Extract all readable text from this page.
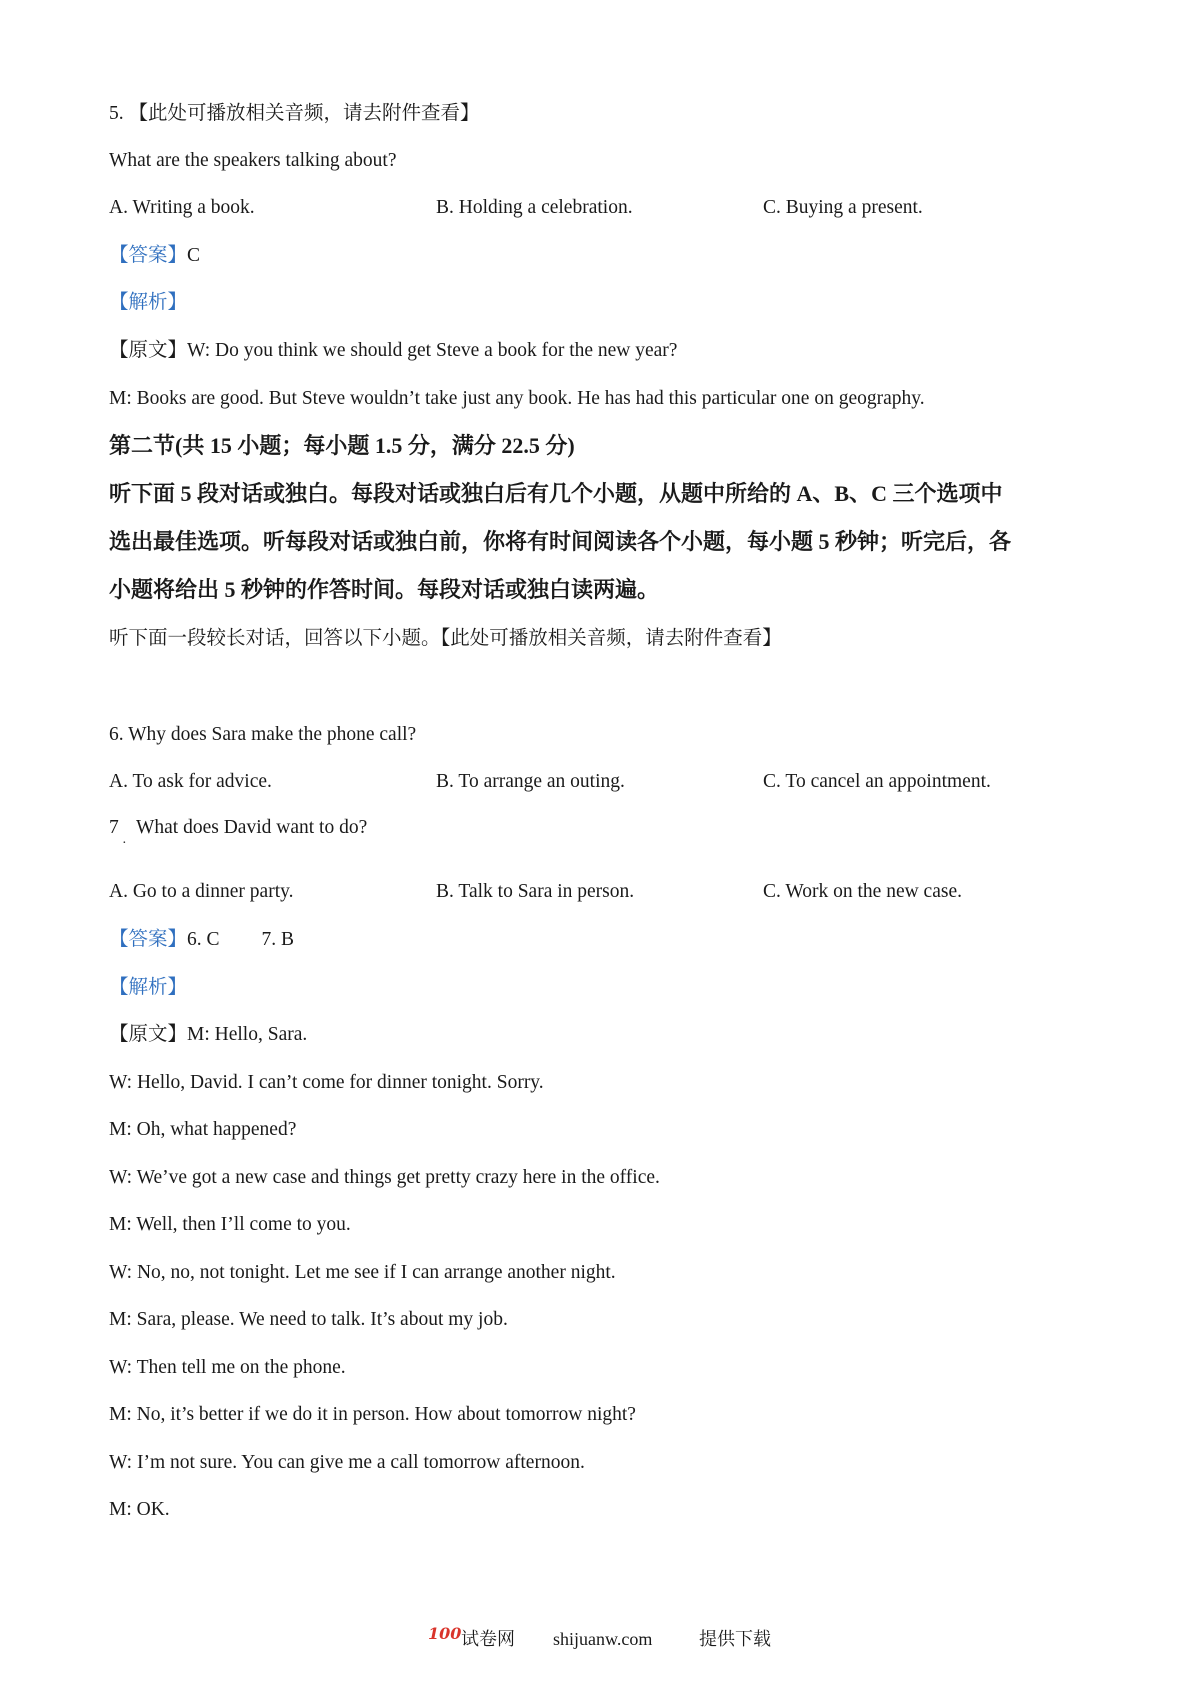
5. 【此处可播放相关音频，请去附件查看】
What are the speakers talking about?
A. Writing a book.	B. Holding a celebration.	C. Buying a present.
【答案】C
【解析】
【原文】W: Do you think we should get Steve a book for the new year?
M: Books are good. But Steve wouldn’t take just any book. He has had this particular one on geography.
第二节(共 15 小题；每小题 1.5 分，满分 22.5 分)
听下面 5 段对话或独白。每段对话或独白后有几个小题，从题中所给的 A、B、C 三个选项中
选出最佳选项。听每段对话或独白前，你将有时间阅读各个小题，每小题 5 秒钟；听完后，各
小题将给出 5 秒钟的作答时间。每段对话或独白读两遍。
听下面一段较长对话，回答以下小题。【此处可播放相关音频，请去附件查看】
6. Why does Sara make the phone call?
A. To ask for advice.	B. To arrange an outing.	C. To cancel an appointment.
7
·
What does David want to do?
A. Go to a dinner party.	B. Talk to Sara in person.	C. Work on the new case.
【答案】6. C 7. B
【解析】
【原文】M: Hello, Sara.
W: Hello, David. I can’t come for dinner tonight. Sorry.
M: Oh, what happened?
W: We’ve got a new case and things get pretty crazy here in the office.
M: Well, then I’ll come to you.
W: No, no, not tonight. Let me see if I can arrange another night.
M: Sara, please. We need to talk. It’s about my job.
W: Then tell me on the phone.
M: No, it’s better if we do it in person. How about tomorrow night?
W: I’m not sure. You can give me a call tomorrow afternoon.
M: OK.
100 试卷网 shijuanw.com	提供下载
